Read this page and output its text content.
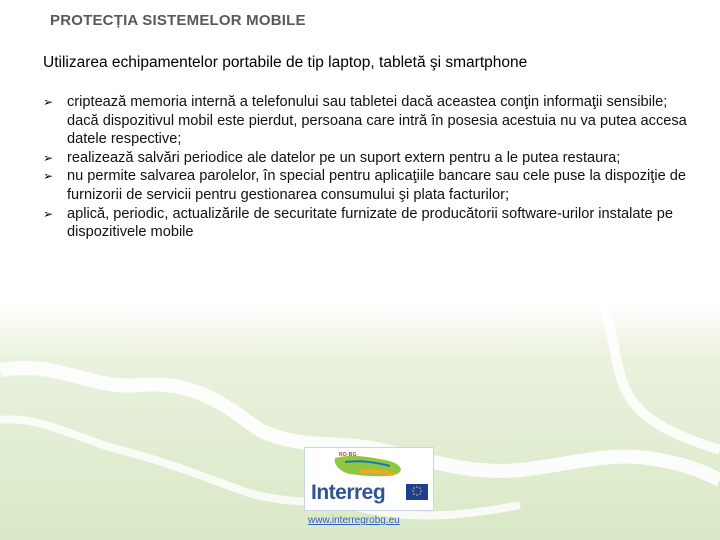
PROTECȚIA SISTEMELOR MOBILE
Utilizarea echipamentelor portabile de tip laptop, tabletă şi smartphone
➢ criptează memoria internă a telefonului sau tabletei dacă aceastea conţin informaţii sensibile; dacă dispozitivul mobil este pierdut, persoana care intră în posesia acestuia nu va putea accesa datele respective;
➢ realizează salvări periodice ale datelor pe un suport extern pentru a le putea restaura;
➢ nu permite salvarea parolelor, în special pentru aplicaţiile bancare sau cele puse la dispoziţie de furnizorii de servicii pentru gestionarea consumului şi plata facturilor;
➢ aplică, periodic, actualizările de securitate furnizate de producătorii software-urilor instalate pe dispozitivele mobile
RO-BG
Interreg
www.interregrobg.eu
